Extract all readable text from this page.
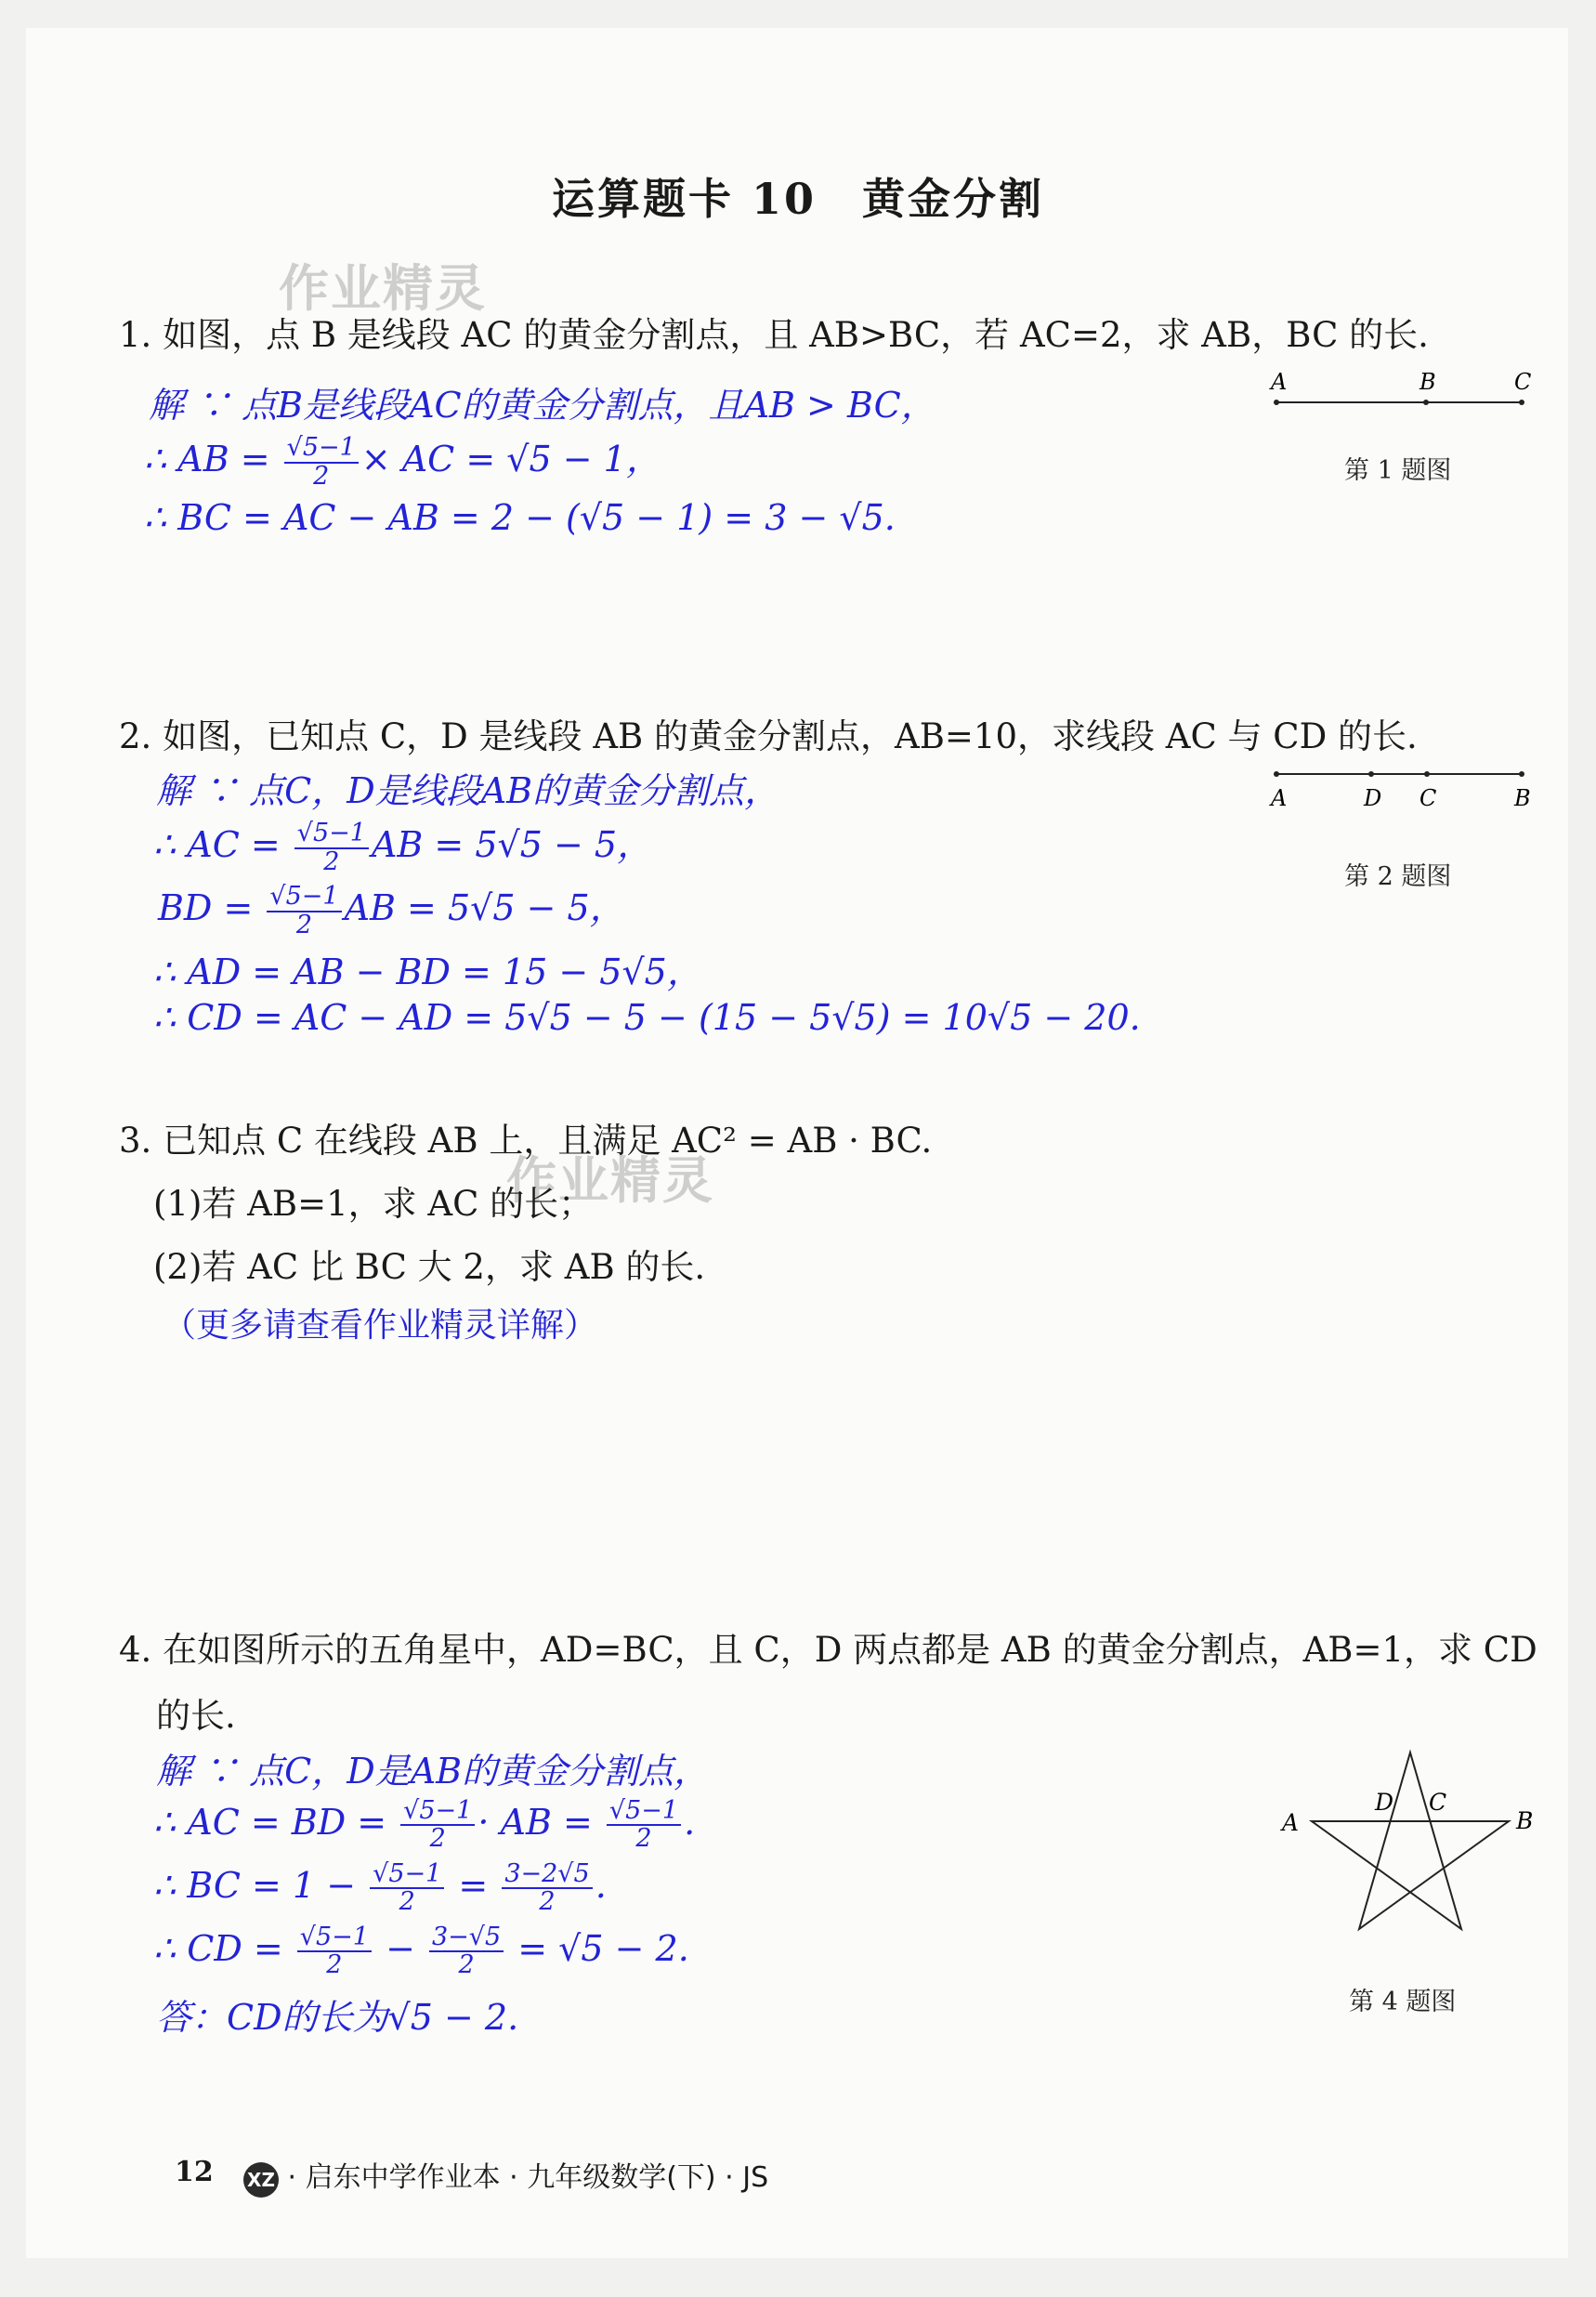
运算题卡 10　黄金分割
作业精灵
作业精灵
1. 如图，点 B 是线段 AC 的黄金分割点，且 AB>BC，若 AC=2，求 AB，BC 的长.
解 ∵ 点B是线段AC的黄金分割点，且AB > BC，
∴ AB = $\frac{√5-1}{2}$ × AC = √5 − 1，
∴ BC = AC − AB = 2 − (√5 − 1) = 3 − √5.
A	B	C
第 1 题图
2. 如图，已知点 C，D 是线段 AB 的黄金分割点，AB=10，求线段 AC 与 CD 的长.
解 ∵ 点C，D是线段AB的黄金分割点，
∴ AC = $\frac{√5-1}{2}$ AB = 5√5 − 5，
BD = $\frac{√5-1}{2}$ AB = 5√5 − 5，
∴ AD = AB − BD = 15 − 5√5，
∴ CD = AC − AD = 5√5 − 5 − (15 − 5√5) = 10√5 − 20.
A	D C	B
第 2 题图
3. 已知点 C 在线段 AB 上，且满足 AC² = AB · BC.
(1)若 AB=1，求 AC 的长；
(2)若 AC 比 BC 大 2，求 AB 的长.
（更多请查看作业精灵详解）
4. 在如图所示的五角星中，AD=BC，且 C，D 两点都是 AB 的黄金分割点，AB=1，求 CD
的长.
解 ∵ 点C，D是AB的黄金分割点，
∴ AC = BD = $\frac{√5-1}{2}$ · AB = $\frac{√5-1}{2}$ .
∴ BC = $1 - \frac{√5-1}{2} = \frac{3-2√5}{2}$ .
∴ CD = $\frac{√5-1}{2} - \frac{3-√5}{2} = √5 - 2$.
答：CD的长为√5 − 2.
A
D C
B
第 4 题图
12 XZ · 启东中学作业本 · 九年级数学(下) · JS
